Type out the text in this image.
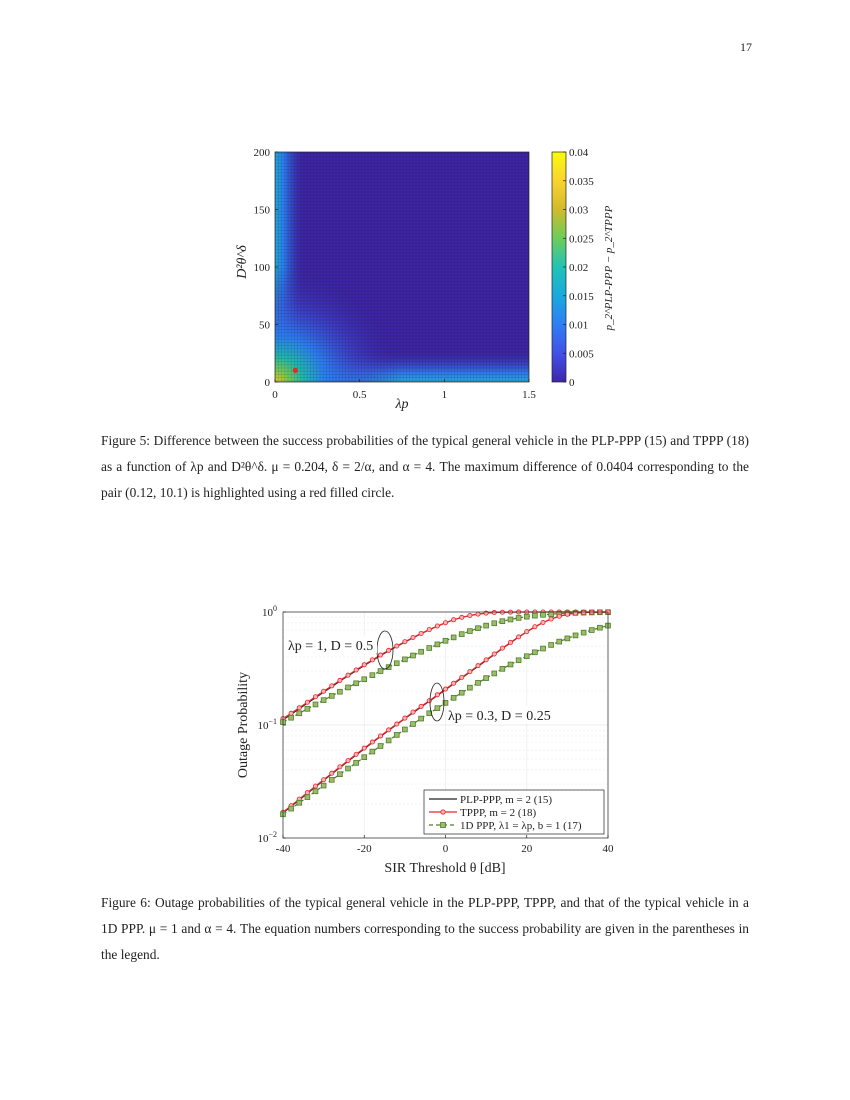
17
0	0.5	1	1.5
0
50
100
150
200
λp
D²θ^δ
0
0.005
0.01
0.015
0.02
0.025
0.03
0.035
0.04
p_2^PLP-PPP − p_2^TPPP
Figure 5: Difference between the success probabilities of the typical general vehicle in the PLP-PPP (15) and TPPP (18) as a function of λp and D²θ^δ. μ = 0.204, δ = 2/α, and α = 4. The maximum difference of 0.0404 corresponding to the pair (0.12, 10.1) is highlighted using a red filled circle.
-40	-20	0	20	40
$10^0$
$10^{-1}$
$10^{-2}$
SIR Threshold θ [dB]
Outage Probability
λp = 1, D = 0.5
λp = 0.3, D = 0.25
PLP-PPP, m = 2 (15)
TPPP, m = 2 (18)
1D PPP, λ1 = λp, b = 1 (17)
Figure 6: Outage probabilities of the typical general vehicle in the PLP-PPP, TPPP, and that of the typical vehicle in a 1D PPP. μ = 1 and α = 4. The equation numbers corresponding to the success probability are given in the parentheses in the legend.
